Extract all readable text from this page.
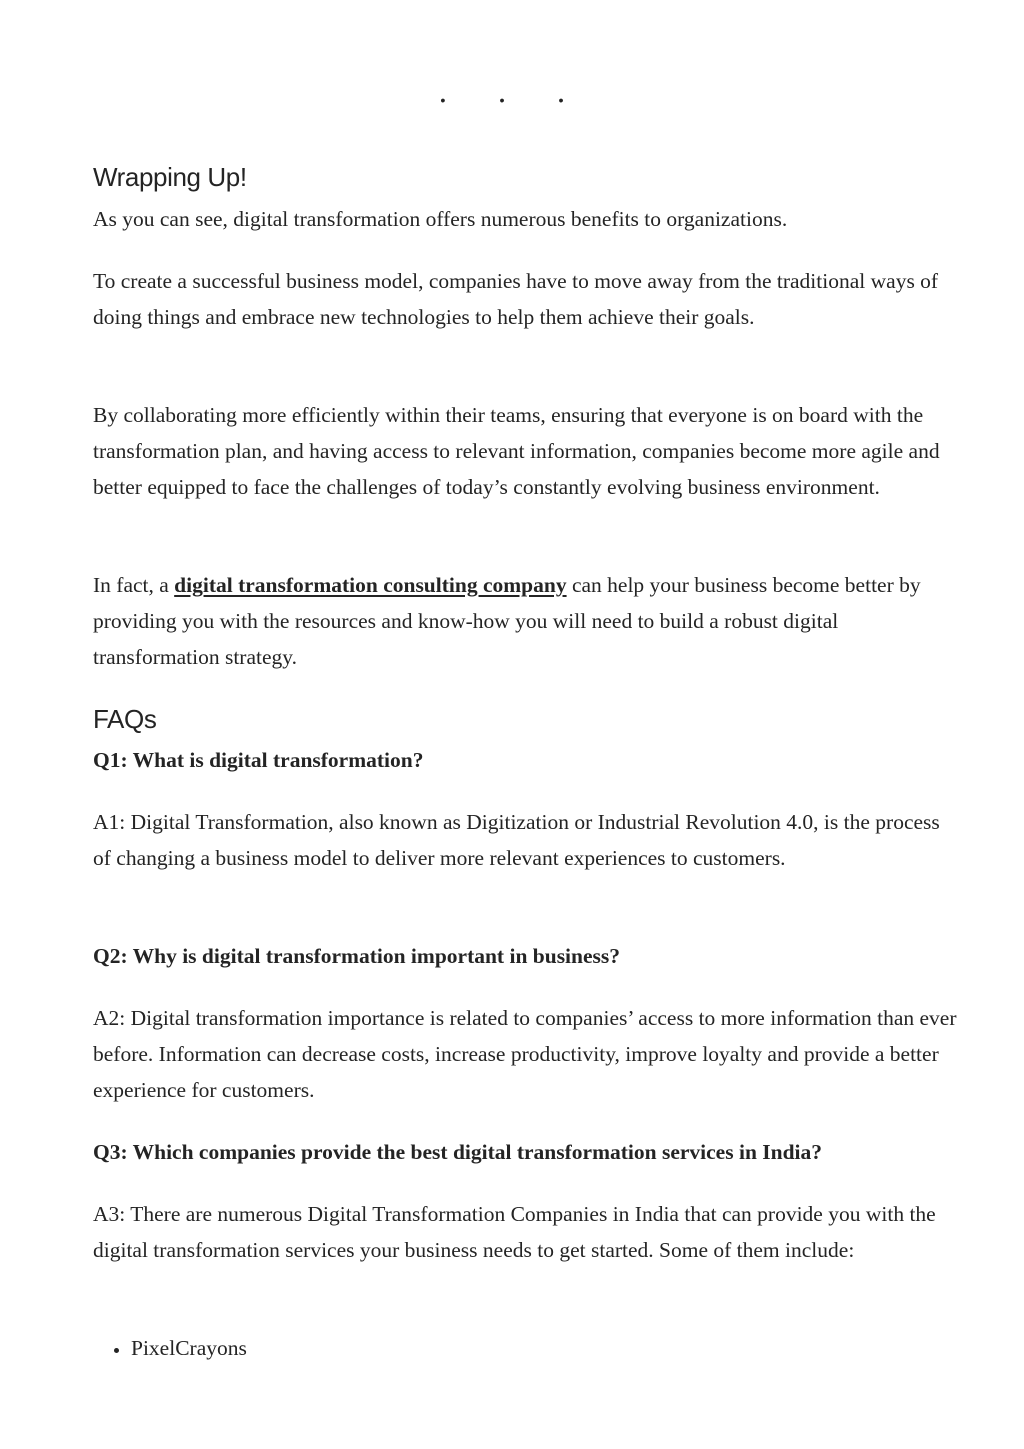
. . .
Wrapping Up!

As you can see, digital transformation offers numerous benefits to organizations.

To create a successful business model, companies have to move away from the traditional ways of doing things and embrace new technologies to help them achieve their goals.

By collaborating more efficiently within their teams, ensuring that everyone is on board with the transformation plan, and having access to relevant information, companies become more agile and better equipped to face the challenges of today’s constantly evolving business environment.

In fact, a digital transformation consulting company can help your business become better by providing you with the resources and know-how you will need to build a robust digital transformation strategy.

FAQs

Q1: What is digital transformation?

A1: Digital Transformation, also known as Digitization or Industrial Revolution 4.0, is the process of changing a business model to deliver more relevant experiences to customers.

Q2: Why is digital transformation important in business?

A2: Digital transformation importance is related to companies’ access to more information than ever before. Information can decrease costs, increase productivity, improve loyalty and provide a better experience for customers.

Q3: Which companies provide the best digital transformation services in India?

A3: There are numerous Digital Transformation Companies in India that can provide you with the digital transformation services your business needs to get started. Some of them include:

• PixelCrayons
